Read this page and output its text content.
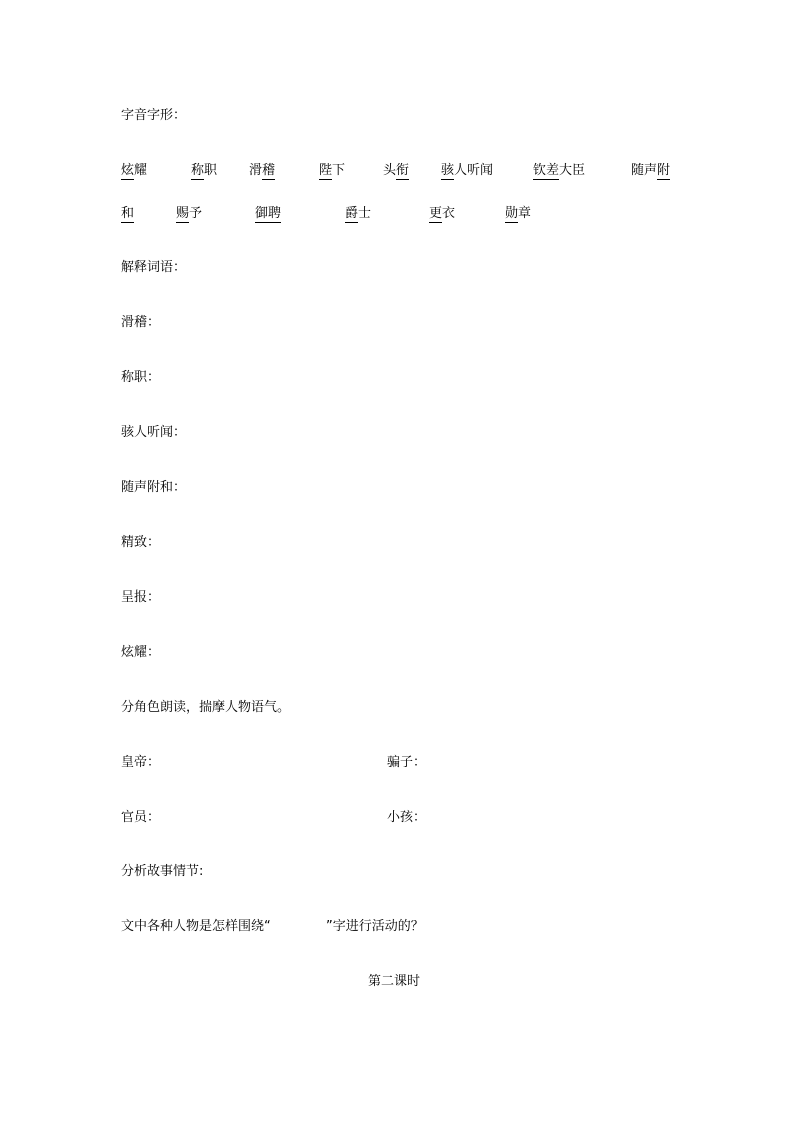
字音字形：
炫耀	称职 滑稽	陛下	头衔 骇人听闻	钦差大臣	随声附
和	赐予	御聘	爵士	更衣	勋章
解释词语：
滑稽：
称职：
骇人听闻：
随声附和：
精致：
呈报：
炫耀：
分角色朗读，揣摩人物语气。
皇帝：	骗子：
官员：	小孩：
分析故事情节:
文中各种人物是怎样围绕“	”字进行活动的？
第二课时
